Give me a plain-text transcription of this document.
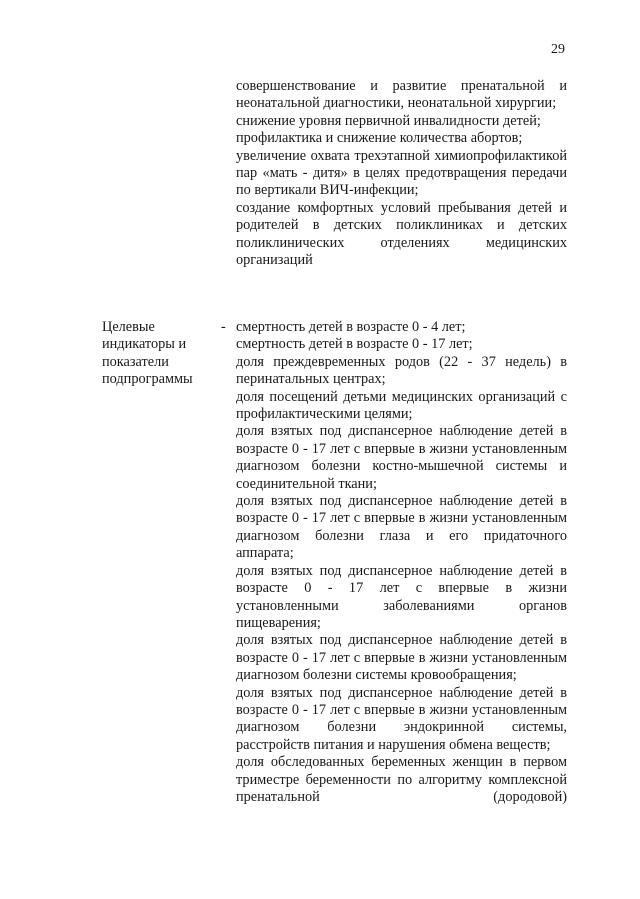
29

совершенствование и развитие пренатальной и неонатальной диагностики, неонатальной хирургии;

снижение уровня первичной инвалидности детей;

профилактика и снижение количества абортов;

увеличение охвата трехэтапной химиопрофилактикой пар «мать - дитя» в целях предотвращения передачи по вертикали ВИЧ-инфекции;

создание комфортных условий пребывания детей и родителей в детских поликлиниках и детских поликлинических отделениях медицинских организаций

Целевые
индикаторы и
показатели
подпрограммы
- смертность детей в возрасте 0 - 4 лет;

смертность детей в возрасте 0 - 17 лет;

доля преждевременных родов (22 - 37 недель) в перинатальных центрах;

доля посещений детьми медицинских организаций с профилактическими целями;

доля взятых под диспансерное наблюдение детей в возрасте 0 - 17 лет с впервые в жизни установленным диагнозом болезни костно-мышечной системы и соединительной ткани;

доля взятых под диспансерное наблюдение детей в возрасте 0 - 17 лет с впервые в жизни установленным диагнозом болезни глаза и его придаточного аппарата;

доля взятых под диспансерное наблюдение детей в возрасте 0 - 17 лет с впервые в жизни установленными заболеваниями органов пищеварения;

доля взятых под диспансерное наблюдение детей в возрасте 0 - 17 лет с впервые в жизни установленным диагнозом болезни системы кровообращения;

доля взятых под диспансерное наблюдение детей в возрасте 0 - 17 лет с впервые в жизни установленным диагнозом болезни эндокринной системы, расстройств питания и нарушения обмена веществ;

доля обследованных беременных женщин в первом триместре беременности по алгоритму комплексной пренатальной (дородовой)
